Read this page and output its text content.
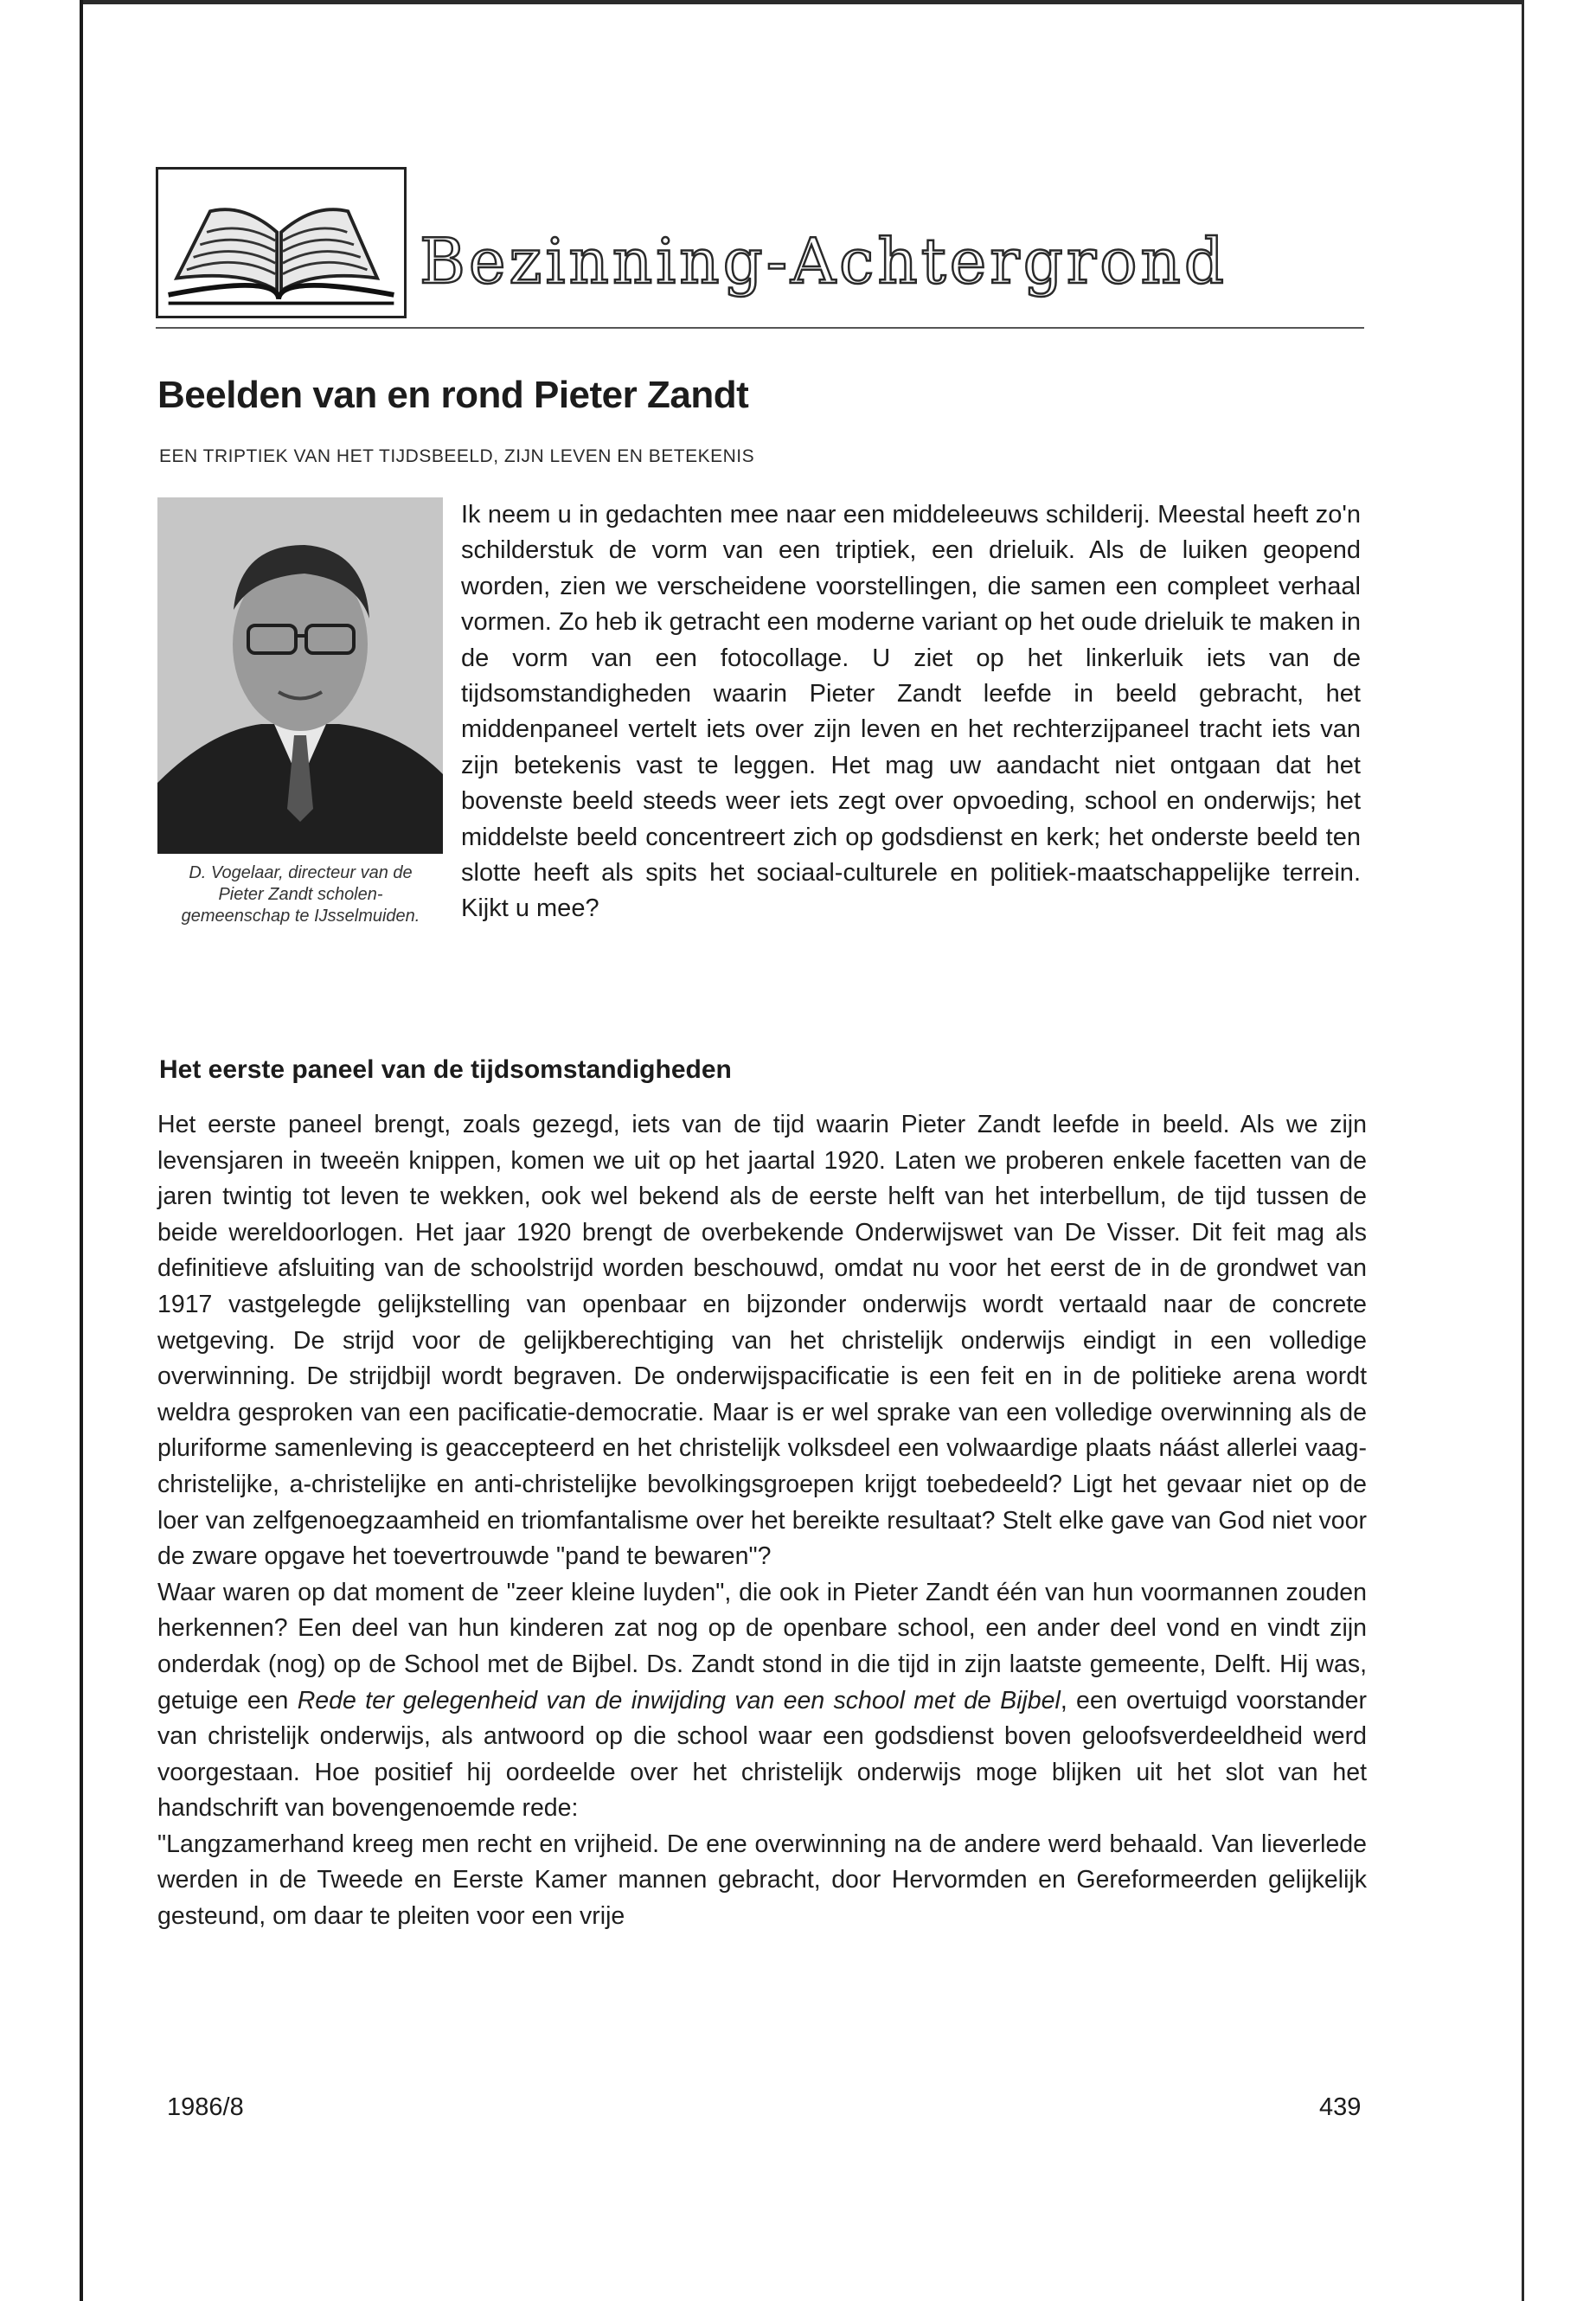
Bezinning-Achtergrond
Beelden van en rond Pieter Zandt
EEN TRIPTIEK VAN HET TIJDSBEELD, ZIJN LEVEN EN BETEKENIS
D. Vogelaar, directeur van de Pieter Zandt scholen- gemeenschap te IJsselmuiden.

Ik neem u in gedachten mee naar een middeleeuws schilderij. Meestal heeft zo'n schilderstuk de vorm van een triptiek, een drieluik. Als de luiken geopend worden, zien we verscheidene voorstellingen, die samen een compleet verhaal vormen. Zo heb ik getracht een moderne variant op het oude drieluik te maken in de vorm van een fotocollage. U ziet op het linkerluik iets van de tijdsomstandigheden waarin Pieter Zandt leefde in beeld gebracht, het middenpaneel vertelt iets over zijn leven en het rechterzijpaneel tracht iets van zijn betekenis vast te leggen. Het mag uw aandacht niet ontgaan dat het bovenste beeld steeds weer iets zegt over opvoeding, school en onderwijs; het middelste beeld concentreert zich op godsdienst en kerk; het onderste beeld ten slotte heeft als spits het sociaal-culturele en politiek-maatschappelijke terrein. Kijkt u mee?

Het eerste paneel van de tijdsomstandigheden

Het eerste paneel brengt, zoals gezegd, iets van de tijd waarin Pieter Zandt leefde in beeld. Als we zijn levensjaren in tweeën knippen, komen we uit op het jaartal 1920. Laten we proberen enkele facetten van de jaren twintig tot leven te wekken, ook wel bekend als de eerste helft van het interbellum, de tijd tussen de beide wereldoorlogen. Het jaar 1920 brengt de overbekende Onderwijswet van De Visser. Dit feit mag als definitieve afsluiting van de schoolstrijd worden beschouwd, omdat nu voor het eerst de in de grondwet van 1917 vastgelegde gelijkstelling van openbaar en bijzonder onderwijs wordt vertaald naar de concrete wetgeving. De strijd voor de gelijkberechtiging van het christelijk onderwijs eindigt in een volledige overwinning. De strijdbijl wordt begraven. De onderwijspacificatie is een feit en in de politieke arena wordt weldra gesproken van een pacificatie-democratie. Maar is er wel sprake van een volledige overwinning als de pluriforme samenleving is geaccepteerd en het christelijk volksdeel een volwaardige plaats náást allerlei vaag-christelijke, a-christelijke en anti-christelijke bevolkingsgroepen krijgt toebedeeld? Ligt het gevaar niet op de loer van zelfgenoegzaamheid en triomfantalisme over het bereikte resultaat? Stelt elke gave van God niet voor de zware opgave het toevertrouwde "pand te bewaren"?

Waar waren op dat moment de "zeer kleine luyden", die ook in Pieter Zandt één van hun voormannen zouden herkennen? Een deel van hun kinderen zat nog op de openbare school, een ander deel vond en vindt zijn onderdak (nog) op de School met de Bijbel. Ds. Zandt stond in die tijd in zijn laatste gemeente, Delft. Hij was, getuige een Rede ter gelegenheid van de inwijding van een school met de Bijbel, een overtuigd voorstander van christelijk onderwijs, als antwoord op die school waar een godsdienst boven geloofsverdeeldheid werd voorgestaan. Hoe positief hij oordeelde over het christelijk onderwijs moge blijken uit het slot van het handschrift van bovengenoemde rede:

"Langzamerhand kreeg men recht en vrijheid. De ene overwinning na de andere werd behaald. Van lieverlede werden in de Tweede en Eerste Kamer mannen gebracht, door Hervormden en Gereformeerden gelijkelijk gesteund, om daar te pleiten voor een vrije

1986/8	439
